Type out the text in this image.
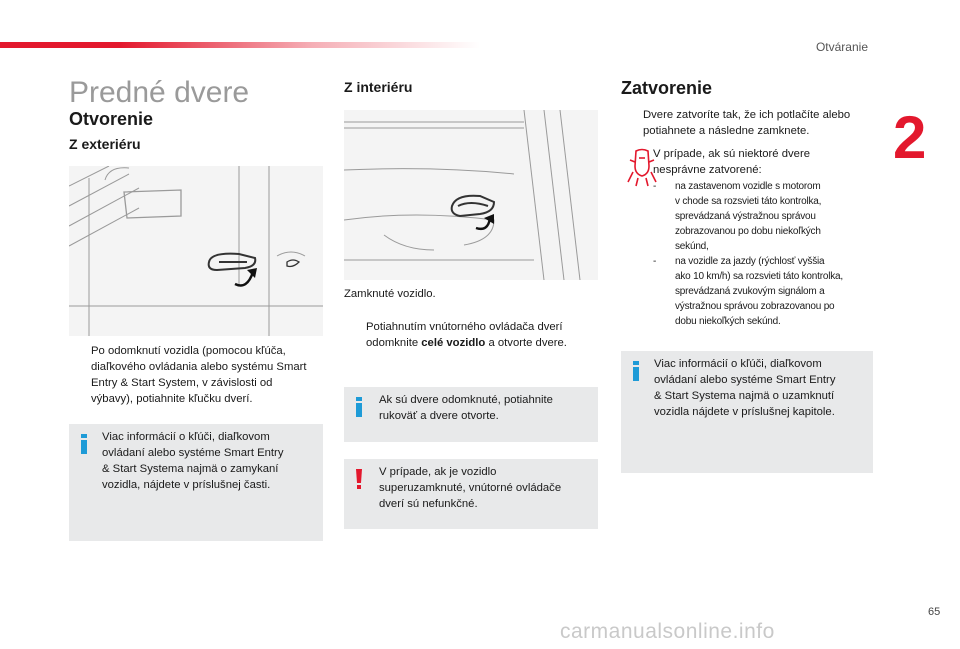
Otváranie
2
Predné dvere
Otvorenie
Z exteriéru
Po odomknutí vozidla (pomocou kľúča,
diaľkového ovládania alebo systému Smart
Entry & Start System, v závislosti od
výbavy), potiahnite kľučku dverí.
Viac informácií o kľúči, diaľkovom
ovládaní alebo systéme Smart Entry
& Start Systema najmä o zamykaní
vozidla, nájdete v príslušnej časti.
Z interiéru
Zamknuté vozidlo.
Potiahnutím vnútorného ovládača dverí
odomknite celé vozidlo a otvorte dvere.
Ak sú dvere odomknuté, potiahnite
rukoväť a dvere otvorte.
V prípade, ak je vozidlo
superuzamknuté, vnútorné ovládače
dverí sú nefunkčné.
Zatvorenie
Dvere zatvoríte tak, že ich potlačíte alebo
potiahnete a následne zamknete.
V prípade, ak sú niektoré dvere
nesprávne zatvorené:
- na zastavenom vozidle s motorom
v chode sa rozsvieti táto kontrolka,
sprevádzaná výstražnou správou
zobrazovanou po dobu niekoľkých
sekúnd,
- na vozidle za jazdy (rýchlosť vyššia
ako 10 km/h) sa rozsvieti táto kontrolka,
sprevádzaná zvukovým signálom a
výstražnou správou zobrazovanou po
dobu niekoľkých sekúnd.
Viac informácií o kľúči, diaľkovom
ovládaní alebo systéme Smart Entry
& Start Systema najmä o uzamknutí
vozidla nájdete v príslušnej kapitole.
65
carmanualsonline.info
